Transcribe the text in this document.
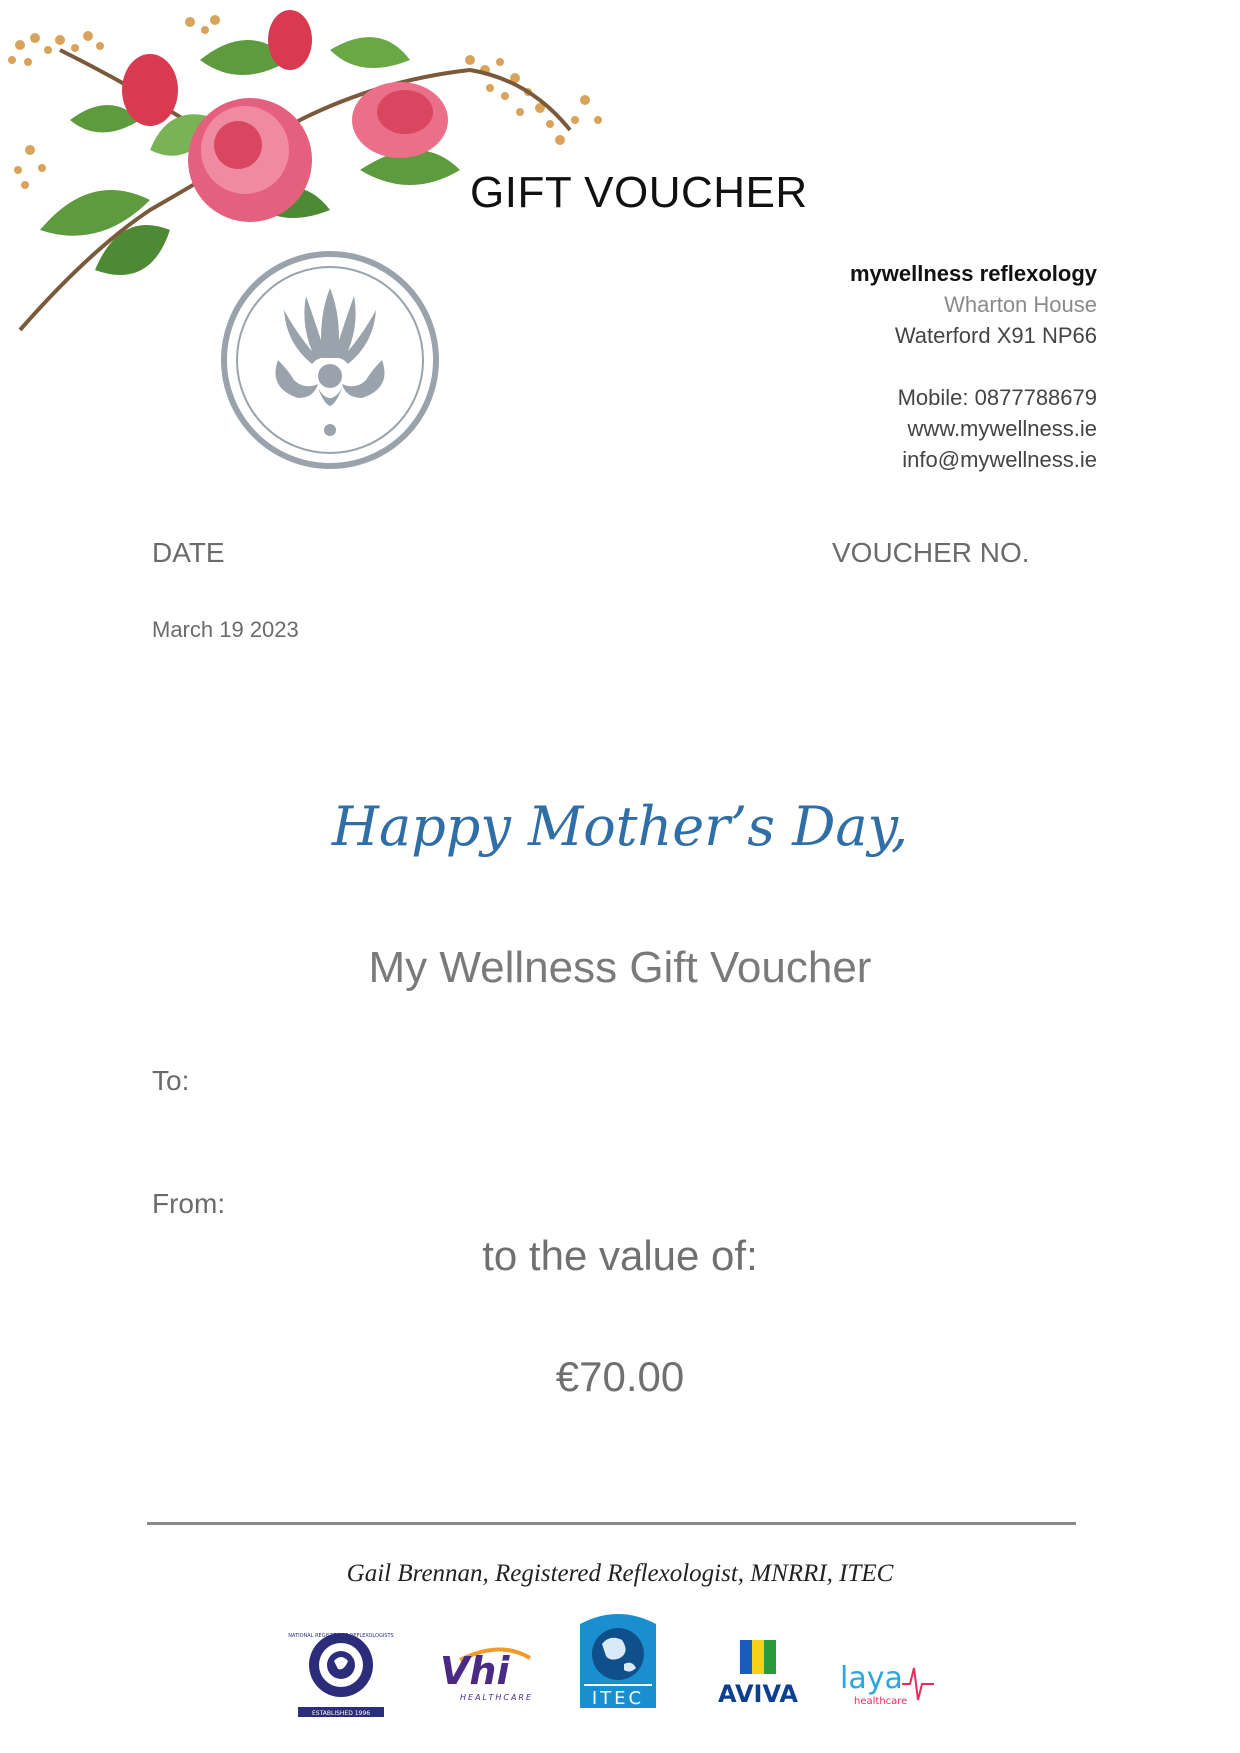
GIFT VOUCHER
mywellness reflexology
Wharton House
Waterford X91 NP66
Mobile: 0877788679
www.mywellness.ie
info@mywellness.ie
DATE	VOUCHER NO.
March 19 2023
Happy Mother’s Day,
My Wellness Gift Voucher
To:
From:
to the value of:
€70.00
Gail Brennan, Registered Reflexologist, MNRRI, ITEC
ESTABLISHED 1996
NATIONAL REGISTER OF REFLEXOLOGISTS
Vhi
HEALTHCARE	ITEC	AVIVA laya
healthcare
